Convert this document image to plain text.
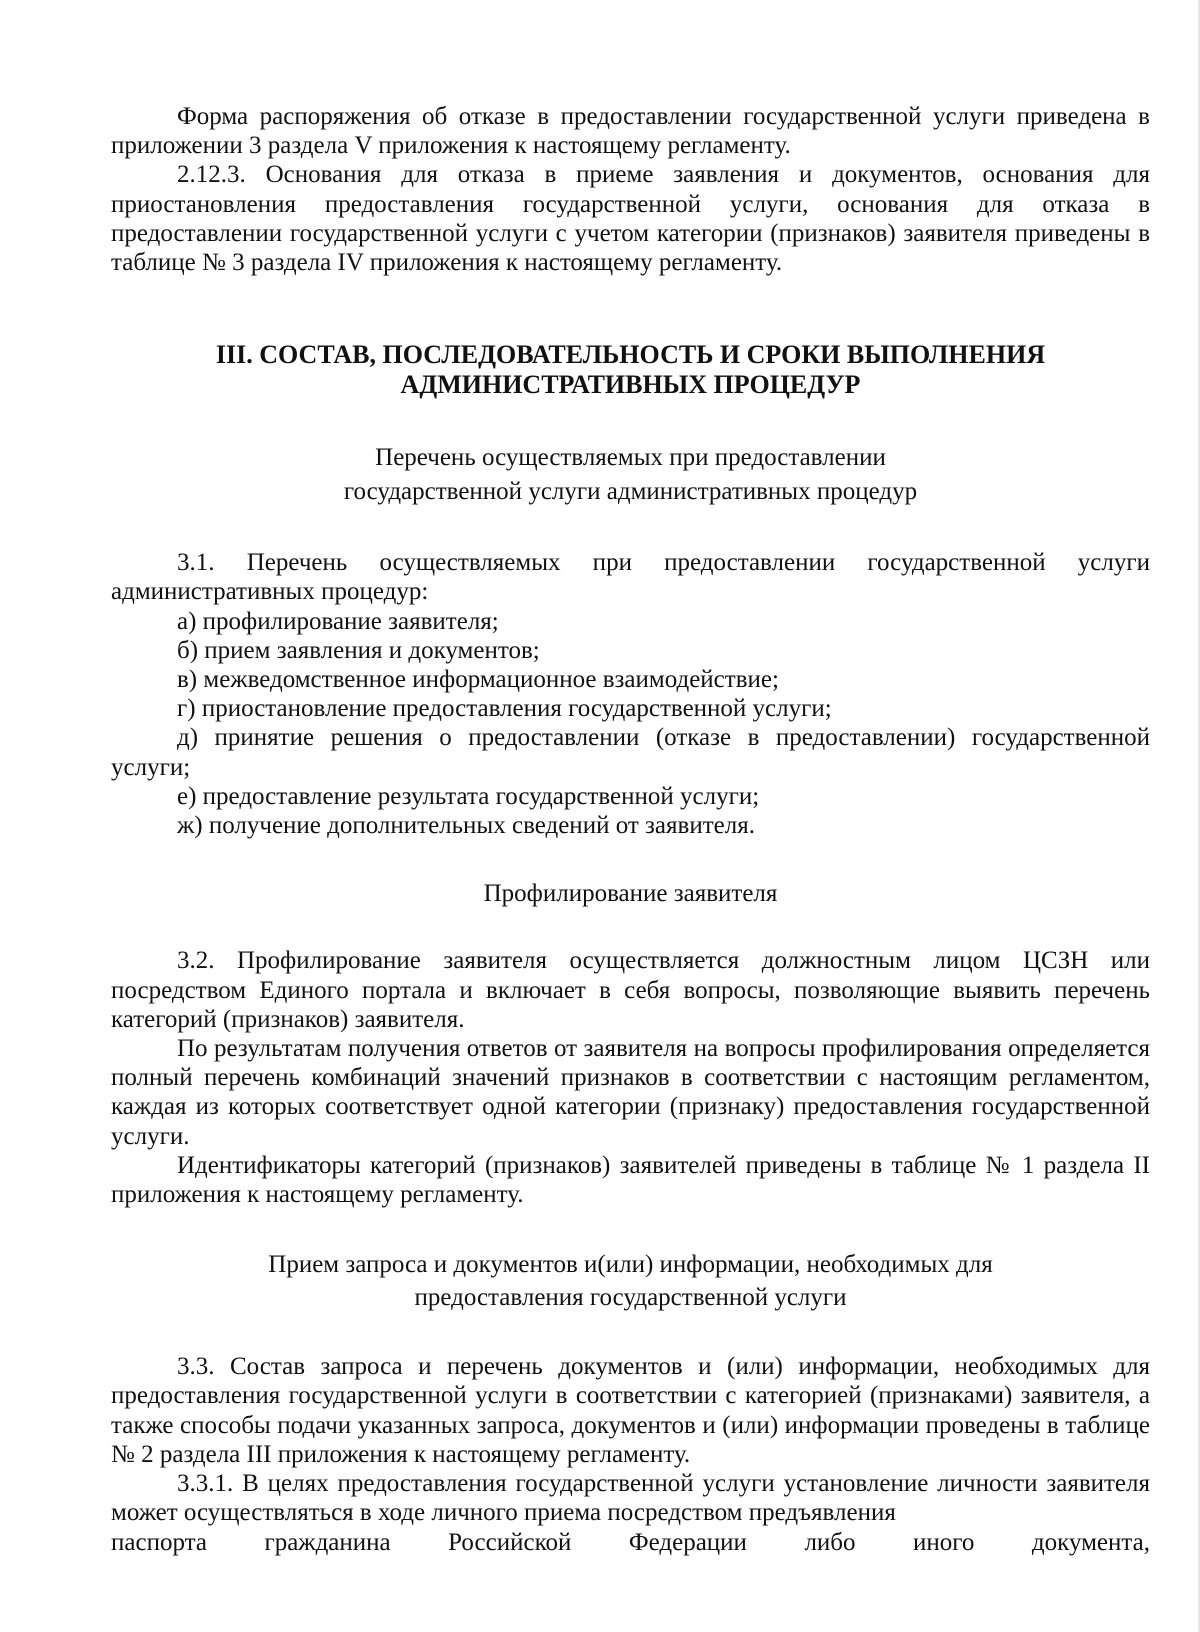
Форма распоряжения об отказе в предоставлении государственной услуги приведена в приложении 3 раздела V приложения к настоящему регламенту.

2.12.3. Основания для отказа в приеме заявления и документов, основания для приостановления предоставления государственной услуги, основания для отказа в предоставлении государственной услуги с учетом категории (признаков) заявителя приведены в таблице № 3 раздела IV приложения к настоящему регламенту.

III. СОСТАВ, ПОСЛЕДОВАТЕЛЬНОСТЬ И СРОКИ ВЫПОЛНЕНИЯ
АДМИНИСТРАТИВНЫХ ПРОЦЕДУР
Перечень осуществляемых при предоставлении
государственной услуги административных процедур

3.1. Перечень осуществляемых при предоставлении государственной услуги административных процедур:

а) профилирование заявителя;

б) прием заявления и документов;

в) межведомственное информационное взаимодействие;

г) приостановление предоставления государственной услуги;

д) принятие решения о предоставлении (отказе в предоставлении) государственной услуги;

е) предоставление результата государственной услуги;

ж) получение дополнительных сведений от заявителя.

Профилирование заявителя

3.2. Профилирование заявителя осуществляется должностным лицом ЦСЗН или посредством Единого портала и включает в себя вопросы, позволяющие выявить перечень категорий (признаков) заявителя.

По результатам получения ответов от заявителя на вопросы профилирования определяется полный перечень комбинаций значений признаков в соответствии с настоящим регламентом, каждая из которых соответствует одной категории (признаку) предоставления государственной услуги.

Идентификаторы категорий (признаков) заявителей приведены в таблице № 1 раздела II приложения к настоящему регламенту.

Прием запроса и документов и(или) информации, необходимых для
предоставления государственной услуги

3.3. Состав запроса и перечень документов и (или) информации, необходимых для предоставления государственной услуги в соответствии с категорией (признаками) заявителя, а также способы подачи указанных запроса, документов и (или) информации проведены в таблице № 2 раздела III приложения к настоящему регламенту.

3.3.1. В целях предоставления государственной услуги установление личности заявителя может осуществляться в ходе личного приема посредством предъявления

паспорта гражданина Российской Федерации либо иного документа,
